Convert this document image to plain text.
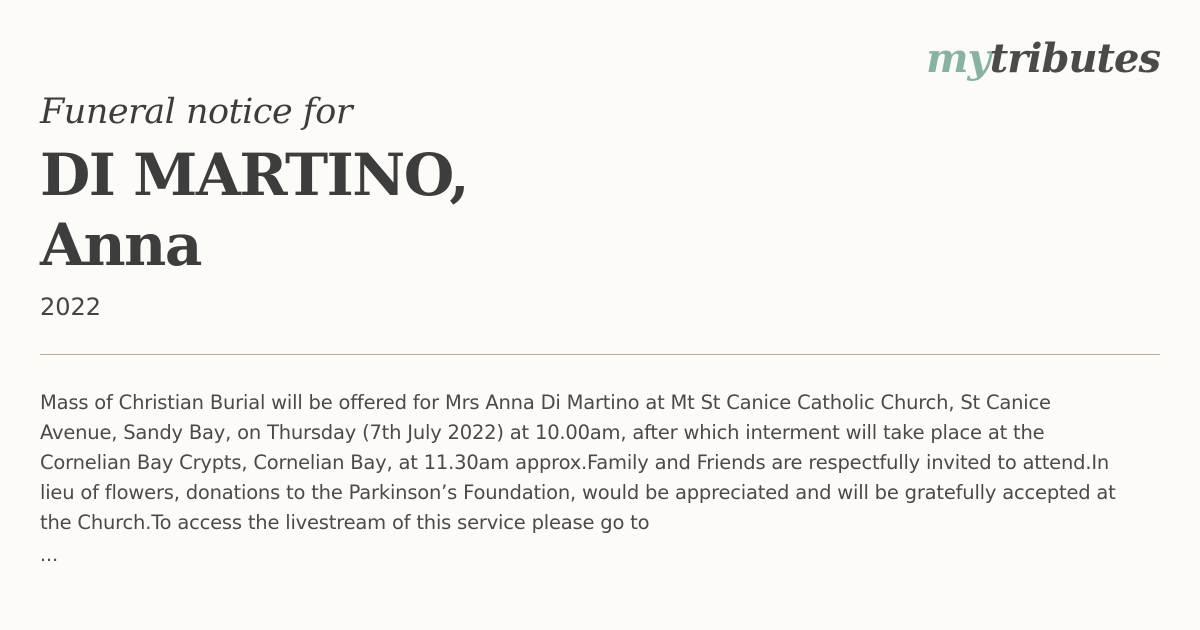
mytributes
Funeral notice for
DI MARTINO,
Anna
2022
Mass of Christian Burial will be offered for Mrs Anna Di Martino at Mt St Canice Catholic Church, St Canice Avenue, Sandy Bay, on Thursday (7th July 2022) at 10.00am, after which interment will take place at the Cornelian Bay Crypts, Cornelian Bay, at 11.30am approx.Family and Friends are respectfully invited to attend.In lieu of flowers, donations to the Parkinson’s Foundation, would be appreciated and will be gratefully accepted at the Church.To access the livestream of this service please go to
...
